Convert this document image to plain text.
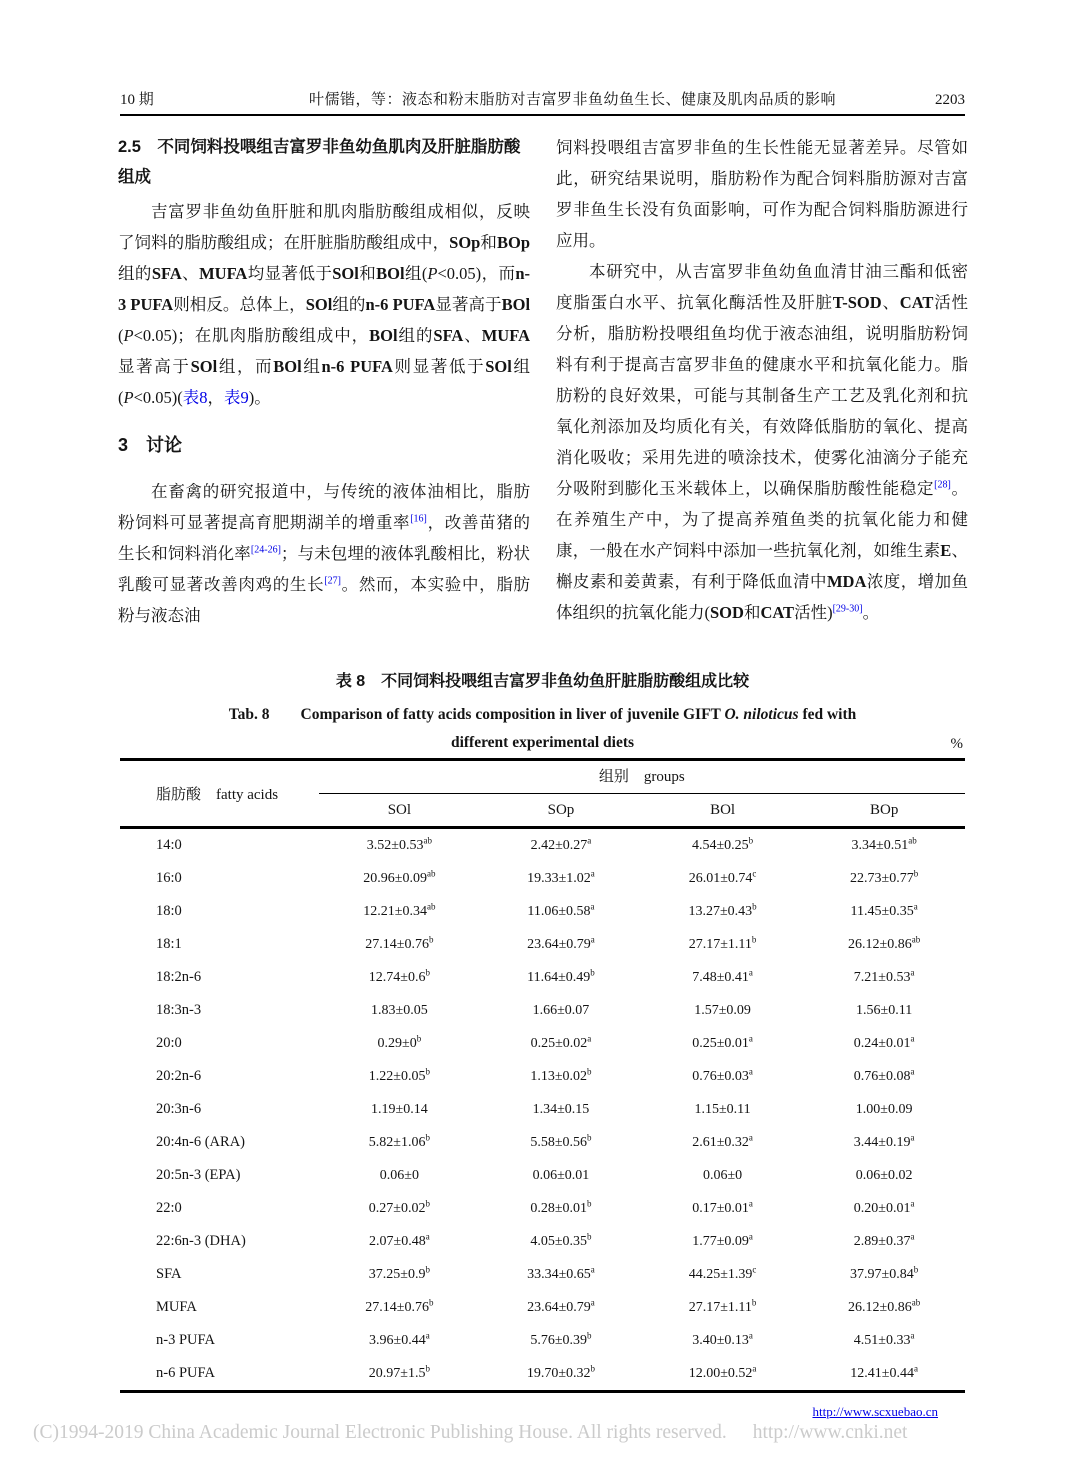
10 期	叶儒锴，等：液态和粉末脂肪对吉富罗非鱼幼鱼生长、健康及肌肉品质的影响	2203
2.5　不同饲料投喂组吉富罗非鱼幼鱼肌肉及肝脏脂肪酸组成

吉富罗非鱼幼鱼肝脏和肌肉脂肪酸组成相似，反映了饲料的脂肪酸组成；在肝脏脂肪酸组成中，SOp和BOp组的SFA、MUFA均显著低于SOl和BOl组(P<0.05)，而n-3 PUFA则相反。总体上，SOl组的n-6 PUFA显著高于BOl (P<0.05)；在肌肉脂肪酸组成中，BOl组的SFA、MUFA显著高于SOl组，而BOl组n-6 PUFA则显著低于SOl组(P<0.05)(表8，表9)。

3　讨论

在畜禽的研究报道中，与传统的液体油相比，脂肪粉饲料可显著提高育肥期湖羊的增重率[16]，改善苗猪的生长和饲料消化率[24-26]；与未包埋的液体乳酸相比，粉状乳酸可显著改善肉鸡的生长[27]。然而，本实验中，脂肪粉与液态油

饲料投喂组吉富罗非鱼的生长性能无显著差异。尽管如此，研究结果说明，脂肪粉作为配合饲料脂肪源对吉富罗非鱼生长没有负面影响，可作为配合饲料脂肪源进行应用。

本研究中，从吉富罗非鱼幼鱼血清甘油三酯和低密度脂蛋白水平、抗氧化酶活性及肝脏T-SOD、CAT活性分析，脂肪粉投喂组鱼均优于液态油组，说明脂肪粉饲料有利于提高吉富罗非鱼的健康水平和抗氧化能力。脂肪粉的良好效果，可能与其制备生产工艺及乳化剂和抗氧化剂添加及均质化有关，有效降低脂肪的氧化、提高消化吸收；采用先进的喷涂技术，使雾化油滴分子能充分吸附到膨化玉米载体上，以确保脂肪酸性能稳定[28]。在养殖生产中，为了提高养殖鱼类的抗氧化能力和健康，一般在水产饲料中添加一些抗氧化剂，如维生素E、槲皮素和姜黄素，有利于降低血清中MDA浓度，增加鱼体组织的抗氧化能力(SOD和CAT活性)[29-30]。

表 8　不同饲料投喂组吉富罗非鱼幼鱼肝脏脂肪酸组成比较
Tab. 8　　Comparison of fatty acids composition in liver of juvenile GIFT O. niloticus fed with
different experimental diets	%
脂肪酸　fatty acids
组别　groups
SOl	SOp	BOl	BOp
14:0	3.52±0.53$^{ab}$	2.42±0.27$^a$	4.54±0.25$^b$	3.34±0.51$^{ab}$
16:0	20.96±0.09$^{ab}$	19.33±1.02$^a$	26.01±0.74$^c$	22.73±0.77$^b$
18:0	12.21±0.34$^{ab}$	11.06±0.58$^a$	13.27±0.43$^b$	11.45±0.35$^a$
18:1	27.14±0.76$^b$	23.64±0.79$^a$	27.17±1.11$^b$	26.12±0.86$^{ab}$
18:2n-6	12.74±0.6$^b$	11.64±0.49$^b$	7.48±0.41$^a$	7.21±0.53$^a$
18:3n-3	1.83±0.05	1.66±0.07	1.57±0.09	1.56±0.11
20:0	$0.29\pm 0^b$	0.25±0.02$^a$	0.25±0.01$^a$	0.24±0.01$^a$
20:2n-6	1.22±0.05$^b$	1.13±0.02$^b$	0.76±0.03$^a$	0.76±0.08$^a$
20:3n-6	1.19±0.14	1.34±0.15	1.15±0.11	1.00±0.09
20:4n-6 (ARA)	5.82±1.06$^b$	5.58±0.56$^b$	2.61±0.32$^a$	3.44±0.19$^a$
20:5n-3 (EPA)	0.06±0	0.06±0.01	0.06±0	0.06±0.02
22:0	0.27±0.02$^b$	0.28±0.01$^b$	0.17±0.01$^a$	0.20±0.01$^a$
22:6n-3 (DHA)	2.07±0.48$^a$	4.05±0.35$^b$	1.77±0.09$^a$	2.89±0.37$^a$
SFA	37.25±0.9$^b$	33.34±0.65$^a$	44.25±1.39$^c$	37.97±0.84$^b$
MUFA	27.14±0.76$^b$	23.64±0.79$^a$	27.17±1.11$^b$	26.12±0.86$^{ab}$
n-3 PUFA	3.96±0.44$^a$	5.76±0.39$^b$	3.40±0.13$^a$	4.51±0.33$^a$
n-6 PUFA	20.97±1.5$^b$	19.70±0.32$^b$	12.00±0.52$^a$	12.41±0.44$^a$
http://www.scxuebao.cn
(C)1994-2019 China Academic Journal Electronic Publishing House. All rights reserved. http://www.cnki.net
